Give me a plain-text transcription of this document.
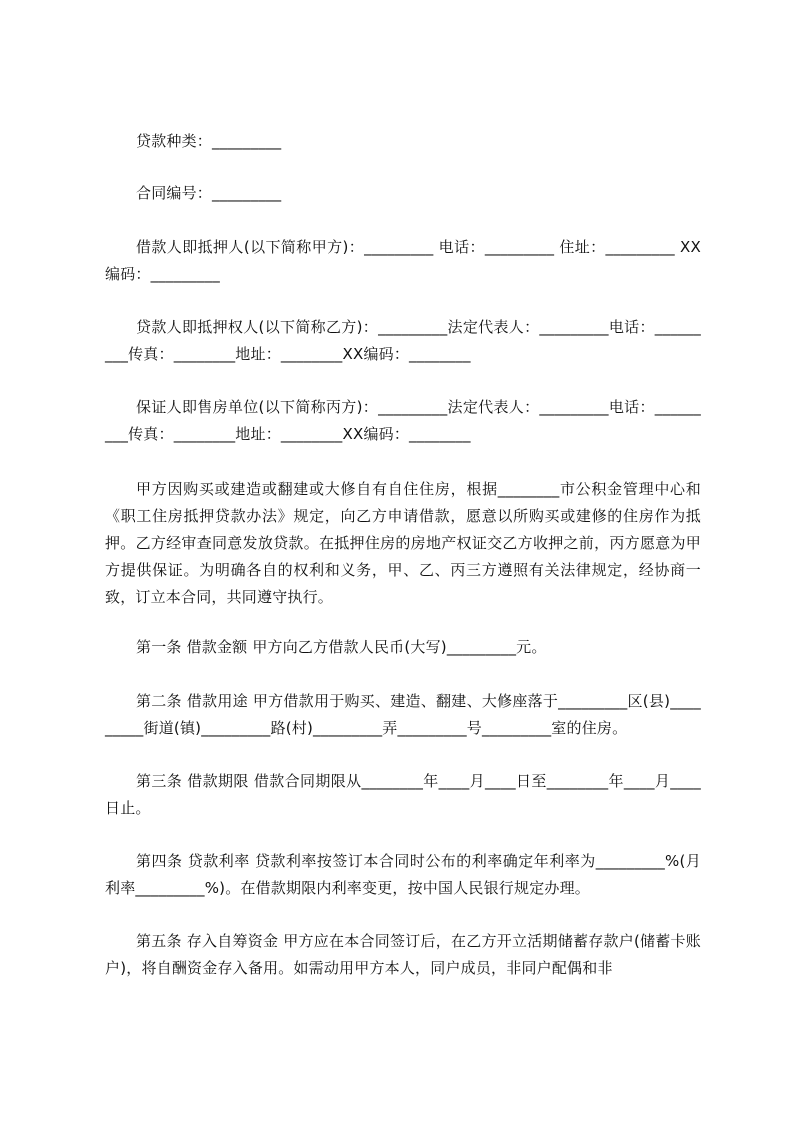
贷款种类：_________

合同编号：_________

借款人即抵押人(以下简称甲方)：_________ 电话：_________ 住址：_________ XX编码：_________

贷款人即抵押权人(以下简称乙方)：_________法定代表人：_________电话：_________传真：________地址：________XX编码：________

保证人即售房单位(以下简称丙方)：_________法定代表人：_________电话：_________传真：________地址：________XX编码：________

甲方因购买或建造或翻建或大修自有自住住房，根据________市公积金管理中心和《职工住房抵押贷款办法》规定，向乙方申请借款，愿意以所购买或建修的住房作为抵押。乙方经审查同意发放贷款。在抵押住房的房地产权证交乙方收押之前，丙方愿意为甲方提供保证。为明确各自的权利和义务，甲、乙、丙三方遵照有关法律规定，经协商一致，订立本合同，共同遵守执行。

第一条 借款金额 甲方向乙方借款人民币(大写)_________元。

第二条 借款用途 甲方借款用于购买、建造、翻建、大修座落于_________区(县)_________街道(镇)_________路(村)_________弄_________号_________室的住房。

第三条 借款期限 借款合同期限从________年____月____日至________年____月____日止。

第四条 贷款利率 贷款利率按签订本合同时公布的利率确定年利率为_________%(月利率_________%)。在借款期限内利率变更，按中国人民银行规定办理。

第五条 存入自筹资金 甲方应在本合同签订后，在乙方开立活期储蓄存款户(储蓄卡账户)，将自酬资金存入备用。如需动用甲方本人，同户成员，非同户配偶和非
